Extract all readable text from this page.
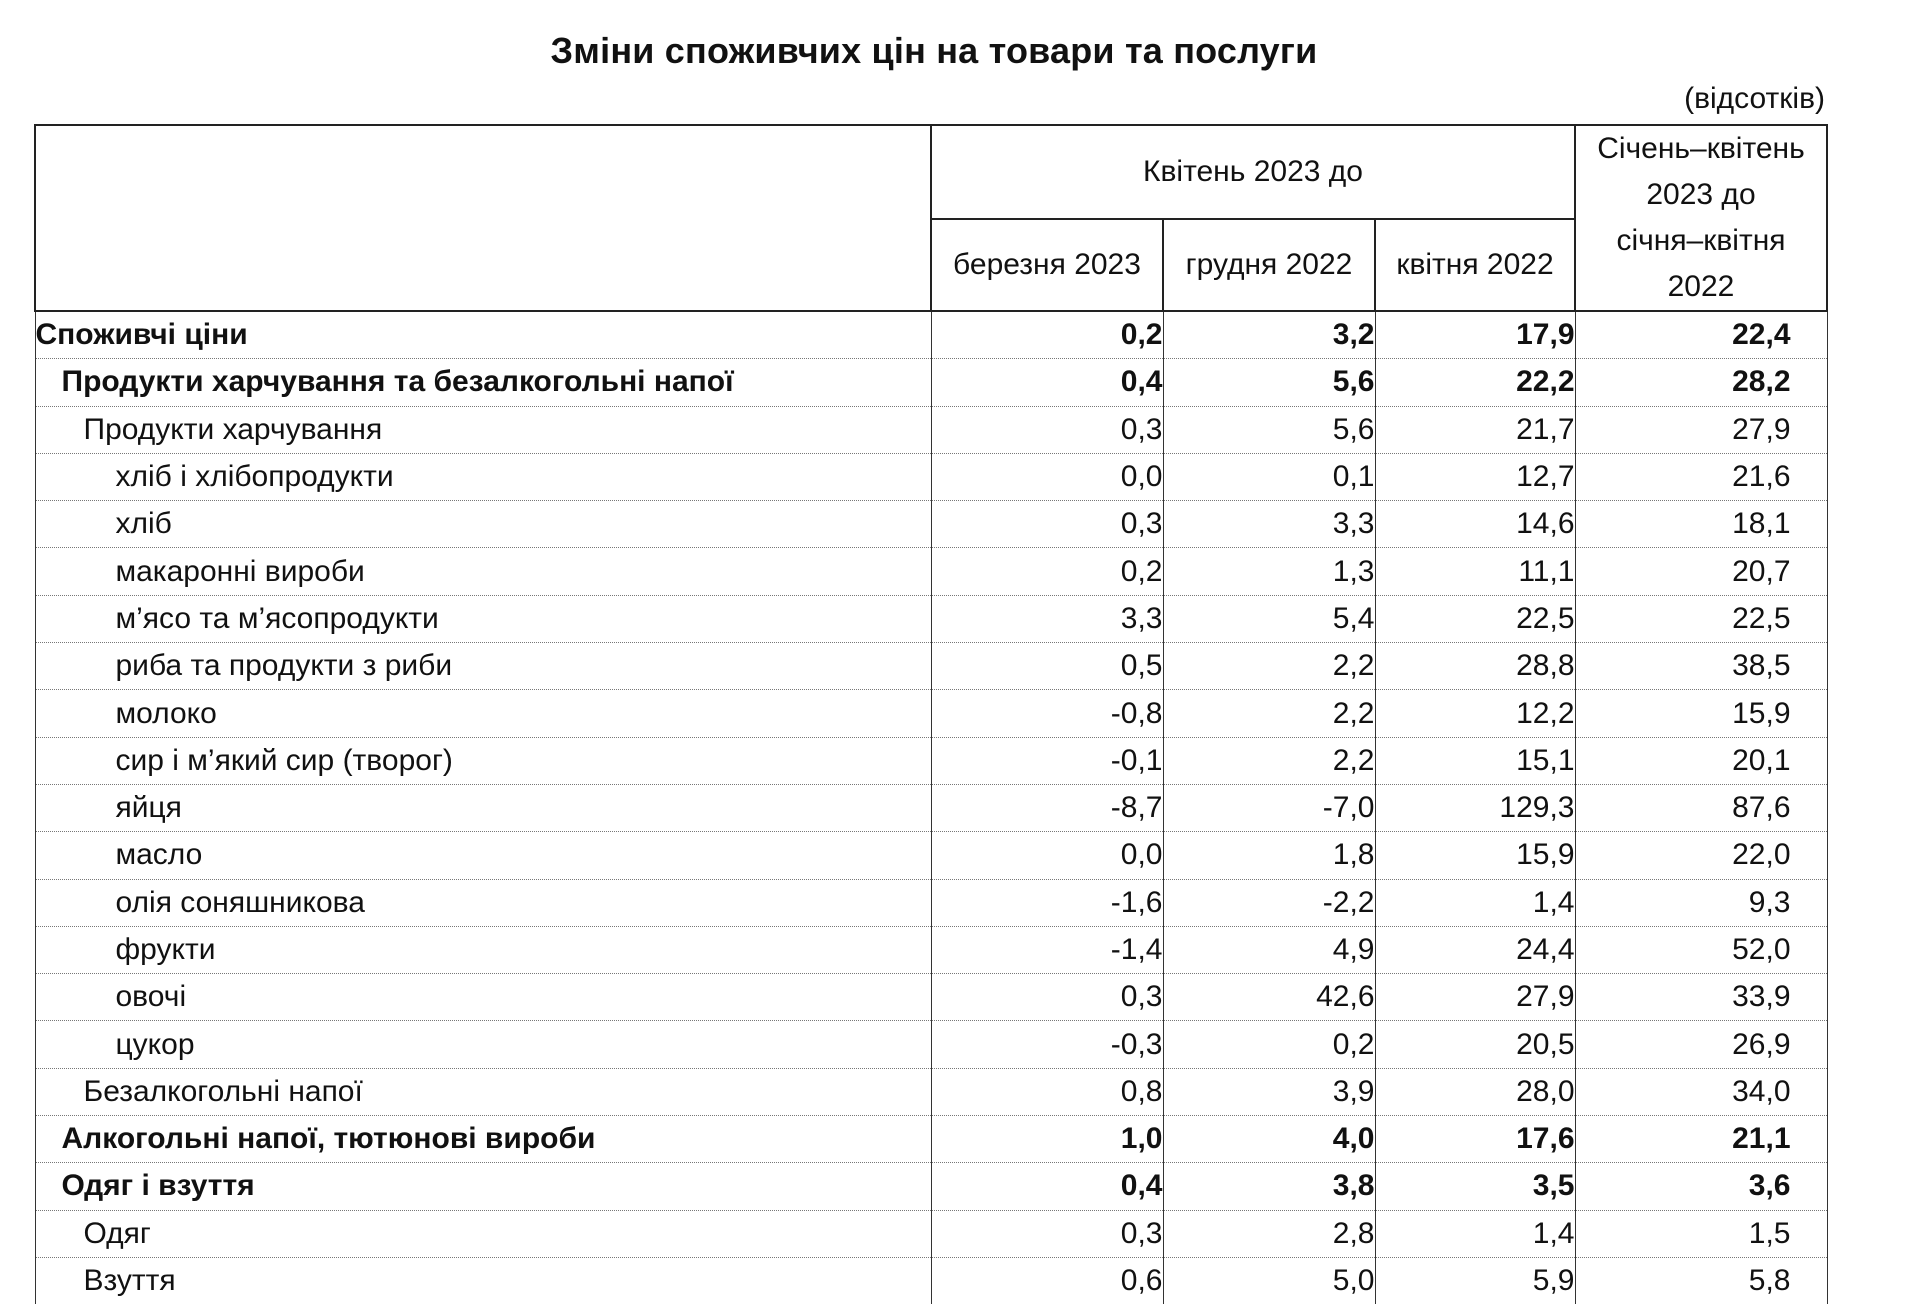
Зміни споживчих цін на товари та послуги
(відсотків)
	Квітень 2023 до			Січень–квітень
2023 до
січня–квітня
2022

	березня 2023	грудня 2022	квітня 2022	
Споживчі ціни	0,2	3,2	17,9	22,4
Продукти харчування та безалкогольні напої	0,4	5,6	22,2	28,2
Продукти харчування	0,3	5,6	21,7	27,9
хліб і хлібопродукти	0,0	0,1	12,7	21,6
хліб	0,3	3,3	14,6	18,1
макаронні вироби	0,2	1,3	11,1	20,7
м’ясо та м’ясопродукти	3,3	5,4	22,5	22,5
риба та продукти з риби	0,5	2,2	28,8	38,5
молоко	-0,8	2,2	12,2	15,9
сир і м’який сир (творог)	-0,1	2,2	15,1	20,1
яйця	-8,7	-7,0	129,3	87,6
масло	0,0	1,8	15,9	22,0
олія соняшникова	-1,6	-2,2	1,4	9,3
фрукти	-1,4	4,9	24,4	52,0
овочі	0,3	42,6	27,9	33,9
цукор	-0,3	0,2	20,5	26,9
Безалкогольні напої	0,8	3,9	28,0	34,0
Алкогольні напої, тютюнові вироби	1,0	4,0	17,6	21,1
Одяг і взуття	0,4	3,8	3,5	3,6
Одяг	0,3	2,8	1,4	1,5
Взуття	0,6	5,0	5,9	5,8
